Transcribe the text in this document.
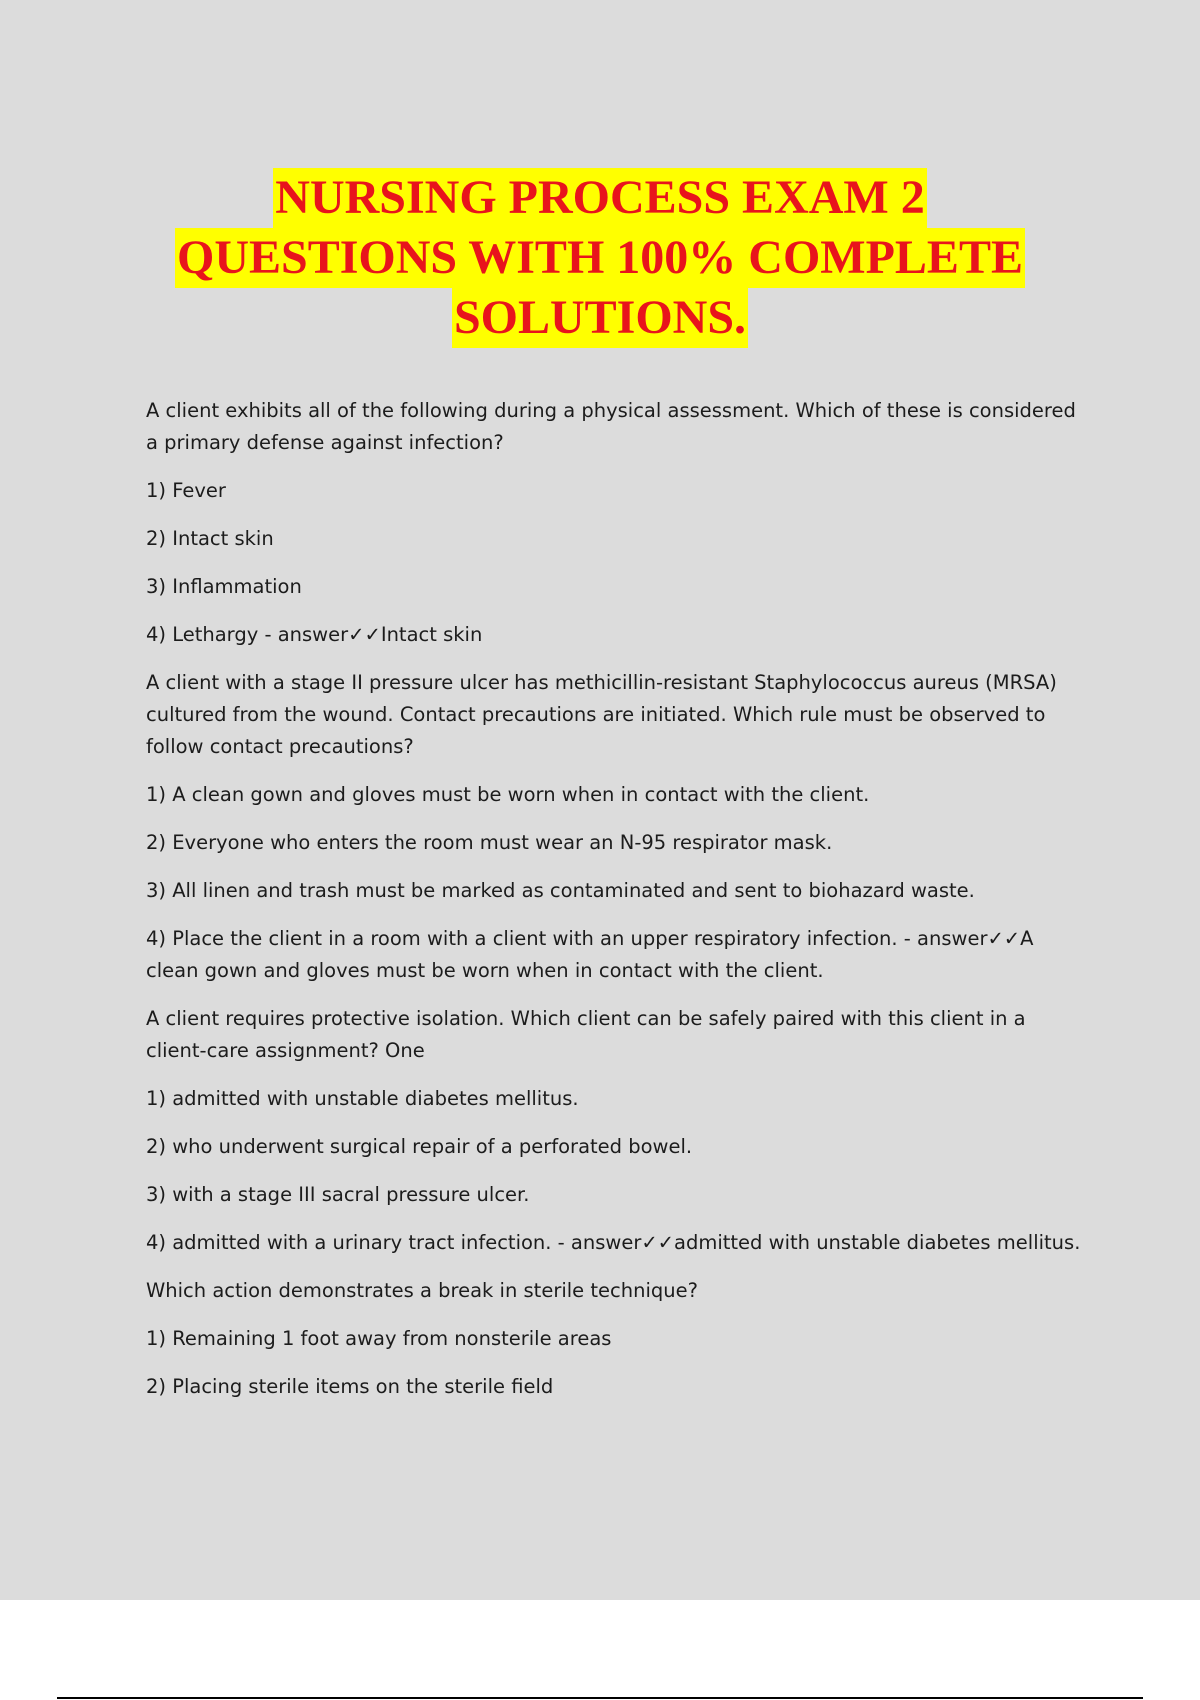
NURSING PROCESS EXAM 2
QUESTIONS WITH 100% COMPLETE
SOLUTIONS.

A client exhibits all of the following during a physical assessment. Which of these is considered a primary defense against infection?

1) Fever

2) Intact skin

3) Inflammation

4) Lethargy - answer✓✓Intact skin

A client with a stage II pressure ulcer has methicillin-resistant Staphylococcus aureus (MRSA) cultured from the wound. Contact precautions are initiated. Which rule must be observed to follow contact precautions?

1) A clean gown and gloves must be worn when in contact with the client.

2) Everyone who enters the room must wear an N-95 respirator mask.

3) All linen and trash must be marked as contaminated and sent to biohazard waste.

4) Place the client in a room with a client with an upper respiratory infection. - answer✓✓A clean gown and gloves must be worn when in contact with the client.

A client requires protective isolation. Which client can be safely paired with this client in a client-care assignment? One

1) admitted with unstable diabetes mellitus.

2) who underwent surgical repair of a perforated bowel.

3) with a stage III sacral pressure ulcer.

4) admitted with a urinary tract infection. - answer✓✓admitted with unstable diabetes mellitus.

Which action demonstrates a break in sterile technique?

1) Remaining 1 foot away from nonsterile areas

2) Placing sterile items on the sterile field
